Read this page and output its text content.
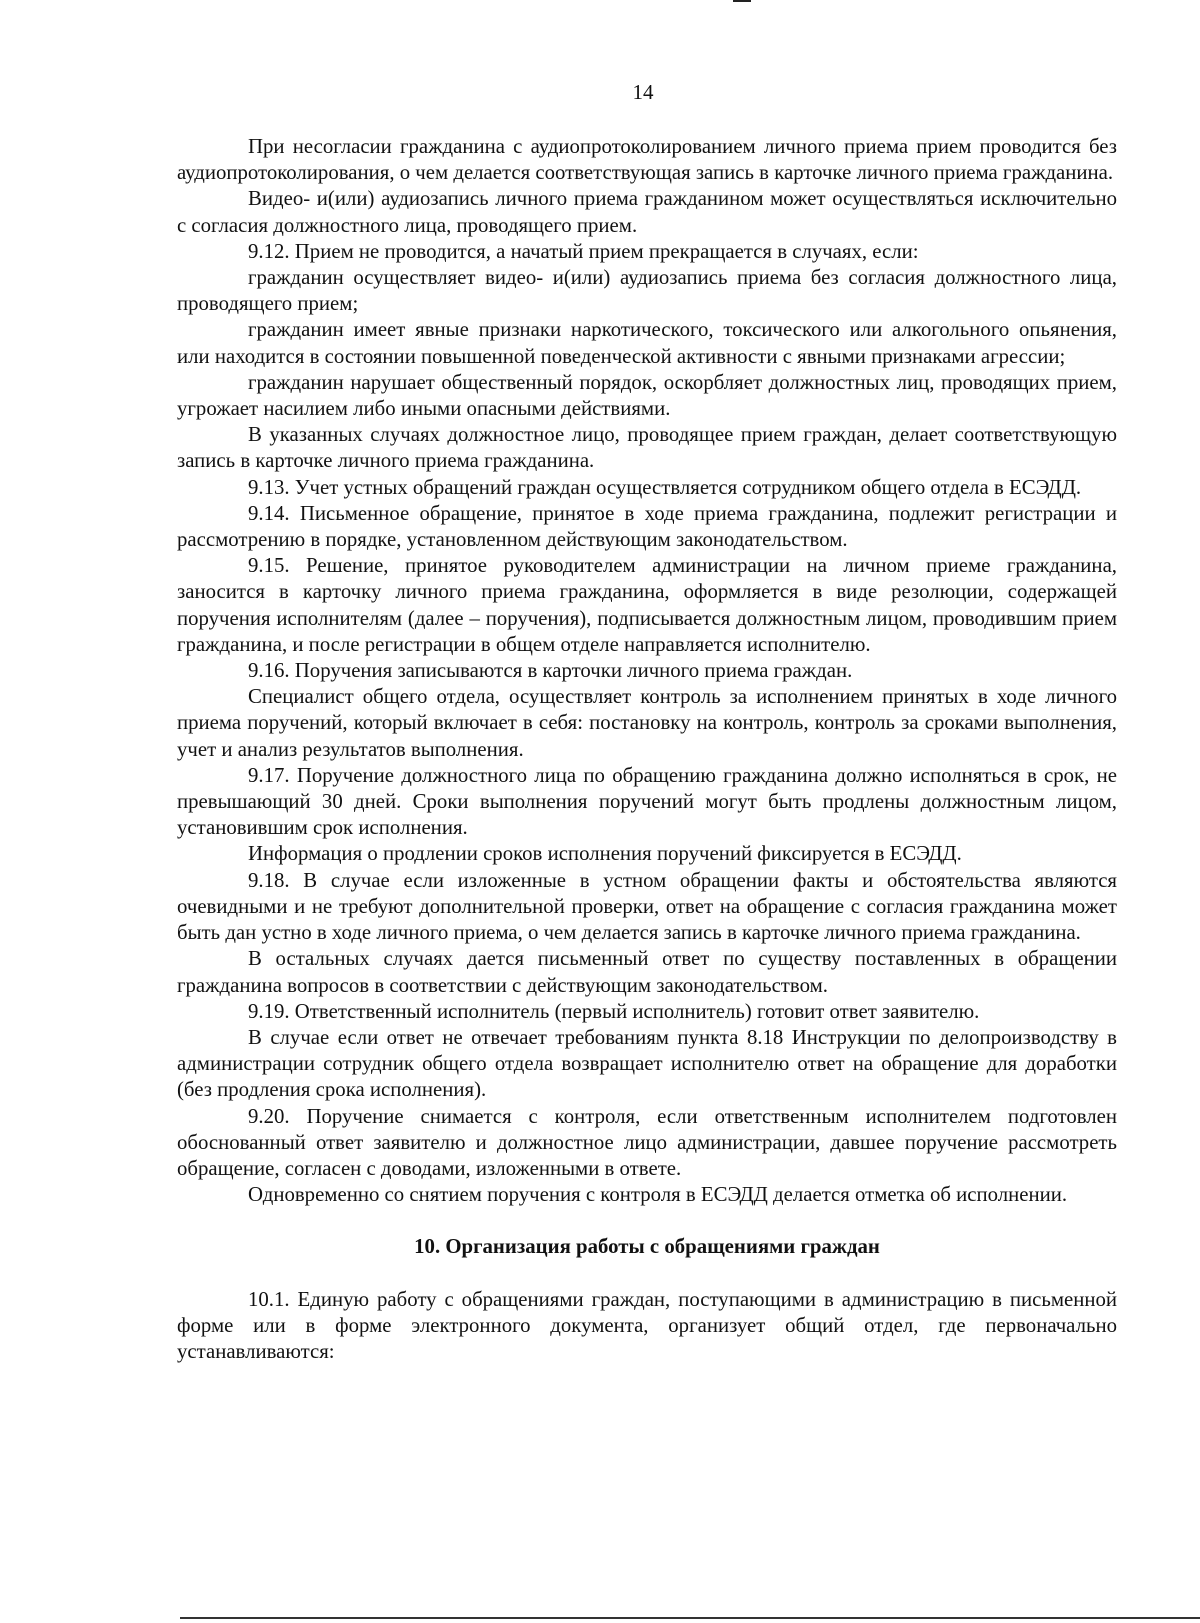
14

При несогласии гражданина с аудиопротоколированием личного приема прием проводится без аудиопротоколирования, о чем делается соответствующая запись в карточке личного приема гражданина.

Видео- и(или) аудиозапись личного приема гражданином может осуществляться исключительно с согласия должностного лица, проводящего прием.

9.12. Прием не проводится, а начатый прием прекращается в случаях, если:

гражданин осуществляет видео- и(или) аудиозапись приема без согласия должностного лица, проводящего прием;

гражданин имеет явные признаки наркотического, токсического или алкогольного опьянения, или находится в состоянии повышенной поведенческой активности с явными признаками агрессии;

гражданин нарушает общественный порядок, оскорбляет должностных лиц, проводящих прием, угрожает насилием либо иными опасными действиями.

В указанных случаях должностное лицо, проводящее прием граждан, делает соответствующую запись в карточке личного приема гражданина.

9.13. Учет устных обращений граждан осуществляется сотрудником общего отдела в ЕСЭДД.

9.14. Письменное обращение, принятое в ходе приема гражданина, подлежит регистрации и рассмотрению в порядке, установленном действующим законодательством.

9.15. Решение, принятое руководителем администрации на личном приеме гражданина, заносится в карточку личного приема гражданина, оформляется в виде резолюции, содержащей поручения исполнителям (далее – поручения), подписывается должностным лицом, проводившим прием гражданина, и после регистрации в общем отделе направляется исполнителю.

9.16. Поручения записываются в карточки личного приема граждан.

Специалист общего отдела, осуществляет контроль за исполнением принятых в ходе личного приема поручений, который включает в себя: постановку на контроль, контроль за сроками выполнения, учет и анализ результатов выполнения.

9.17. Поручение должностного лица по обращению гражданина должно исполняться в срок, не превышающий 30 дней. Сроки выполнения поручений могут быть продлены должностным лицом, установившим срок исполнения.

Информация о продлении сроков исполнения поручений фиксируется в ЕСЭДД.

9.18. В случае если изложенные в устном обращении факты и обстоятельства являются очевидными и не требуют дополнительной проверки, ответ на обращение с согласия гражданина может быть дан устно в ходе личного приема, о чем делается запись в карточке личного приема гражданина.

В остальных случаях дается письменный ответ по существу поставленных в обращении гражданина вопросов в соответствии с действующим законодательством.

9.19. Ответственный исполнитель (первый исполнитель) готовит ответ заявителю.

В случае если ответ не отвечает требованиям пункта 8.18 Инструкции по делопроизводству в администрации сотрудник общего отдела возвращает исполнителю ответ на обращение для доработки (без продления срока исполнения).

9.20. Поручение снимается с контроля, если ответственным исполнителем подготовлен обоснованный ответ заявителю и должностное лицо администрации, давшее поручение рассмотреть обращение, согласен с доводами, изложенными в ответе.

Одновременно со снятием поручения с контроля в ЕСЭДД делается отметка об исполнении.

10. Организация работы с обращениями граждан

10.1. Единую работу с обращениями граждан, поступающими в администрацию в письменной форме или в форме электронного документа, организует общий отдел, где первоначально устанавливаются:
